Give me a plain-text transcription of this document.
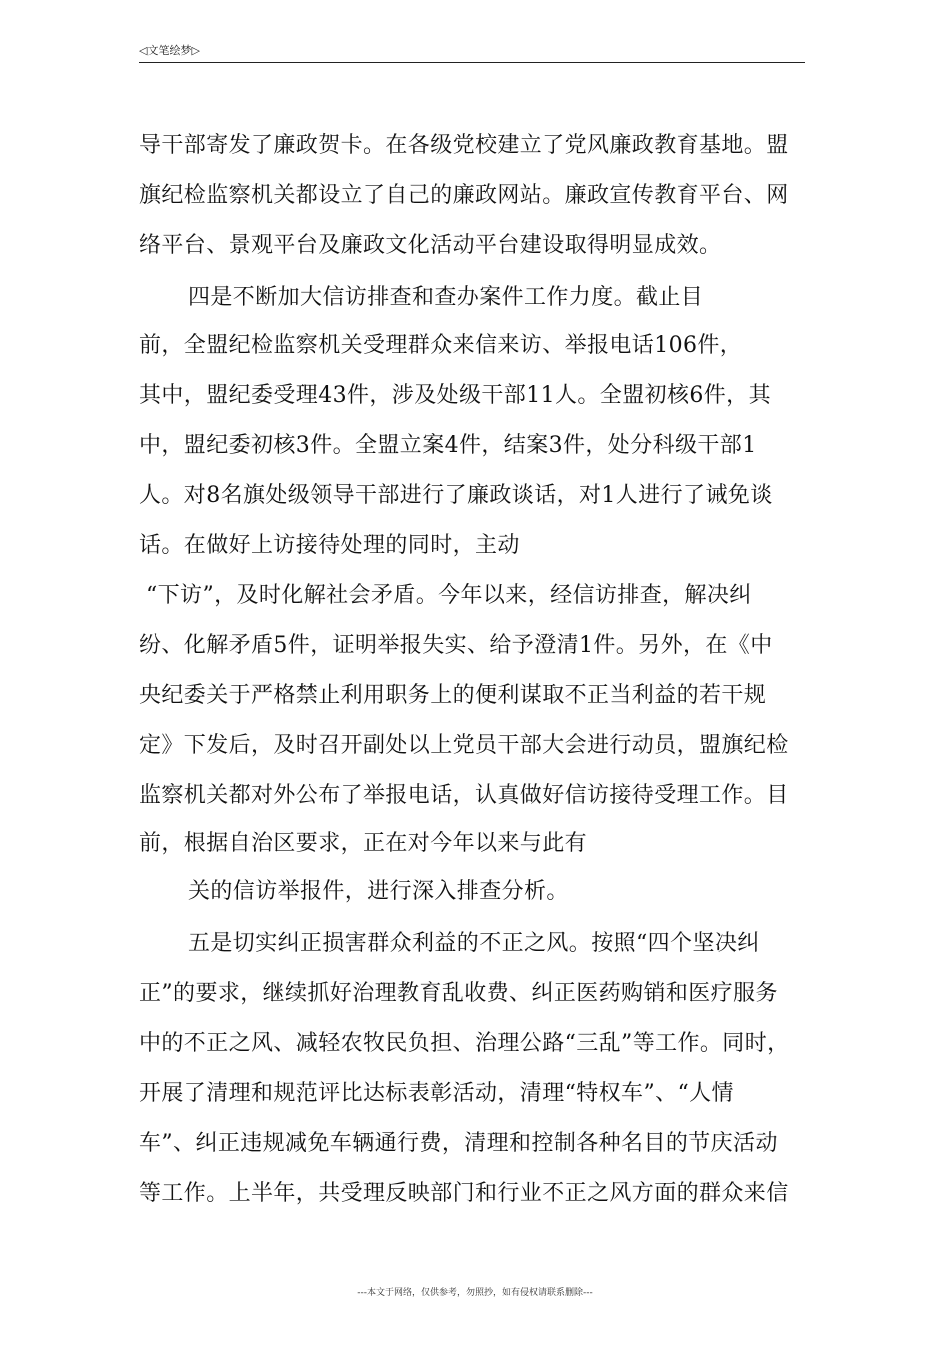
◁文笔绘梦▷
导干部寄发了廉政贺卡。在各级党校建立了党风廉政教育基地。盟
旗纪检监察机关都设立了自己的廉政网站。廉政宣传教育平台、网
络平台、景观平台及廉政文化活动平台建设取得明显成效。
四是不断加大信访排查和查办案件工作力度。截止目
前，全盟纪检监察机关受理群众来信来访、举报电话106件，
其中，盟纪委受理43件，涉及处级干部11人。全盟初核6件，其
中，盟纪委初核3件。全盟立案4件，结案3件，处分科级干部1
人。对8名旗处级领导干部进行了廉政谈话，对1人进行了诫免谈
话。在做好上访接待处理的同时，主动
“下访”，及时化解社会矛盾。今年以来，经信访排查，解决纠
纷、化解矛盾5件，证明举报失实、给予澄清1件。另外，在《中
央纪委关于严格禁止利用职务上的便利谋取不正当利益的若干规
定》下发后，及时召开副处以上党员干部大会进行动员，盟旗纪检
监察机关都对外公布了举报电话，认真做好信访接待受理工作。目
前，根据自治区要求，正在对今年以来与此有
关的信访举报件，进行深入排查分析。
五是切实纠正损害群众利益的不正之风。按照“四个坚决纠
正”的要求，继续抓好治理教育乱收费、纠正医药购销和医疗服务
中的不正之风、减轻农牧民负担、治理公路“三乱”等工作。同时，
开展了清理和规范评比达标表彰活动，清理“特权车”、“人情
车”、纠正违规减免车辆通行费，清理和控制各种名目的节庆活动
等工作。上半年，共受理反映部门和行业不正之风方面的群众来信
---本文于网络，仅供参考，勿照抄，如有侵权请联系删除---
